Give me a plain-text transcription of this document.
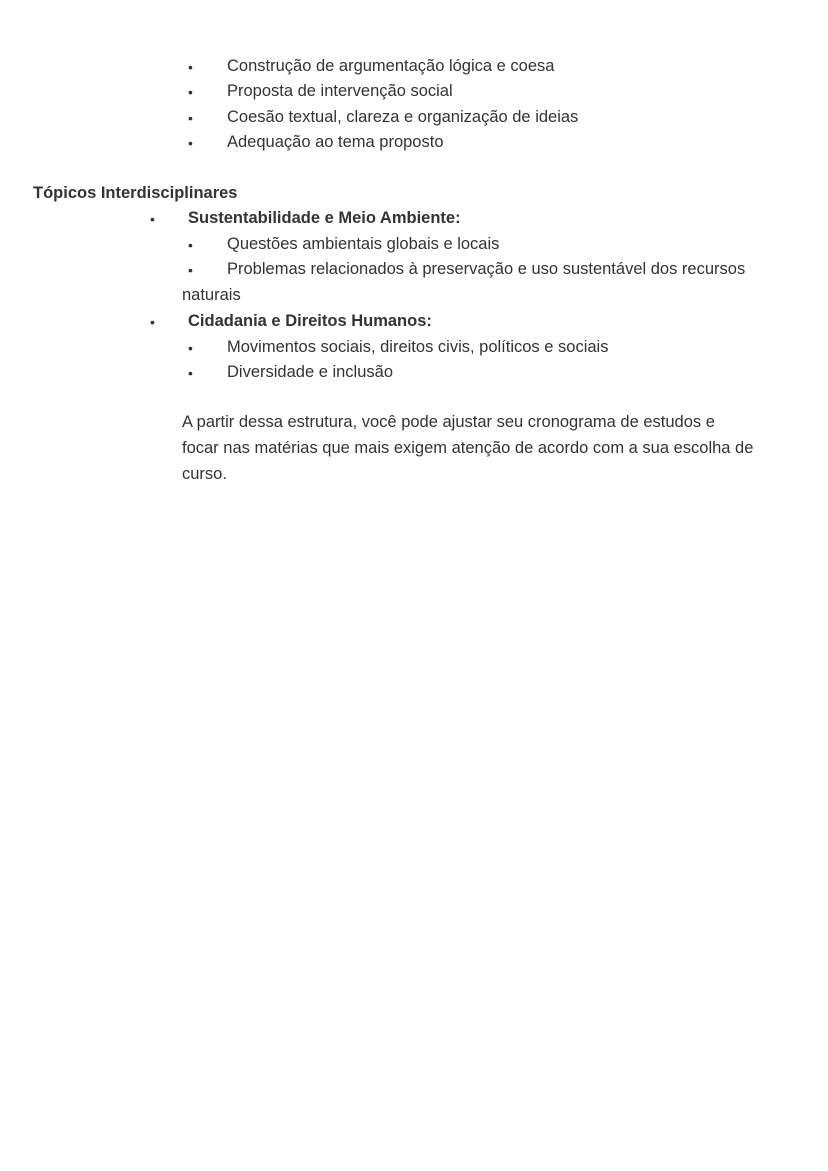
• Construção de argumentação lógica e coesa
• Proposta de intervenção social
• Coesão textual, clareza e organização de ideias
• Adequação ao tema proposto
Tópicos Interdisciplinares
• Sustentabilidade e Meio Ambiente:
• Questões ambientais globais e locais
• Problemas relacionados à preservação e uso sustentável dos recursos
naturais
• Cidadania e Direitos Humanos:
• Movimentos sociais, direitos civis, políticos e sociais
• Diversidade e inclusão
A partir dessa estrutura, você pode ajustar seu cronograma de estudos e
focar nas matérias que mais exigem atenção de acordo com a sua escolha de
curso.
